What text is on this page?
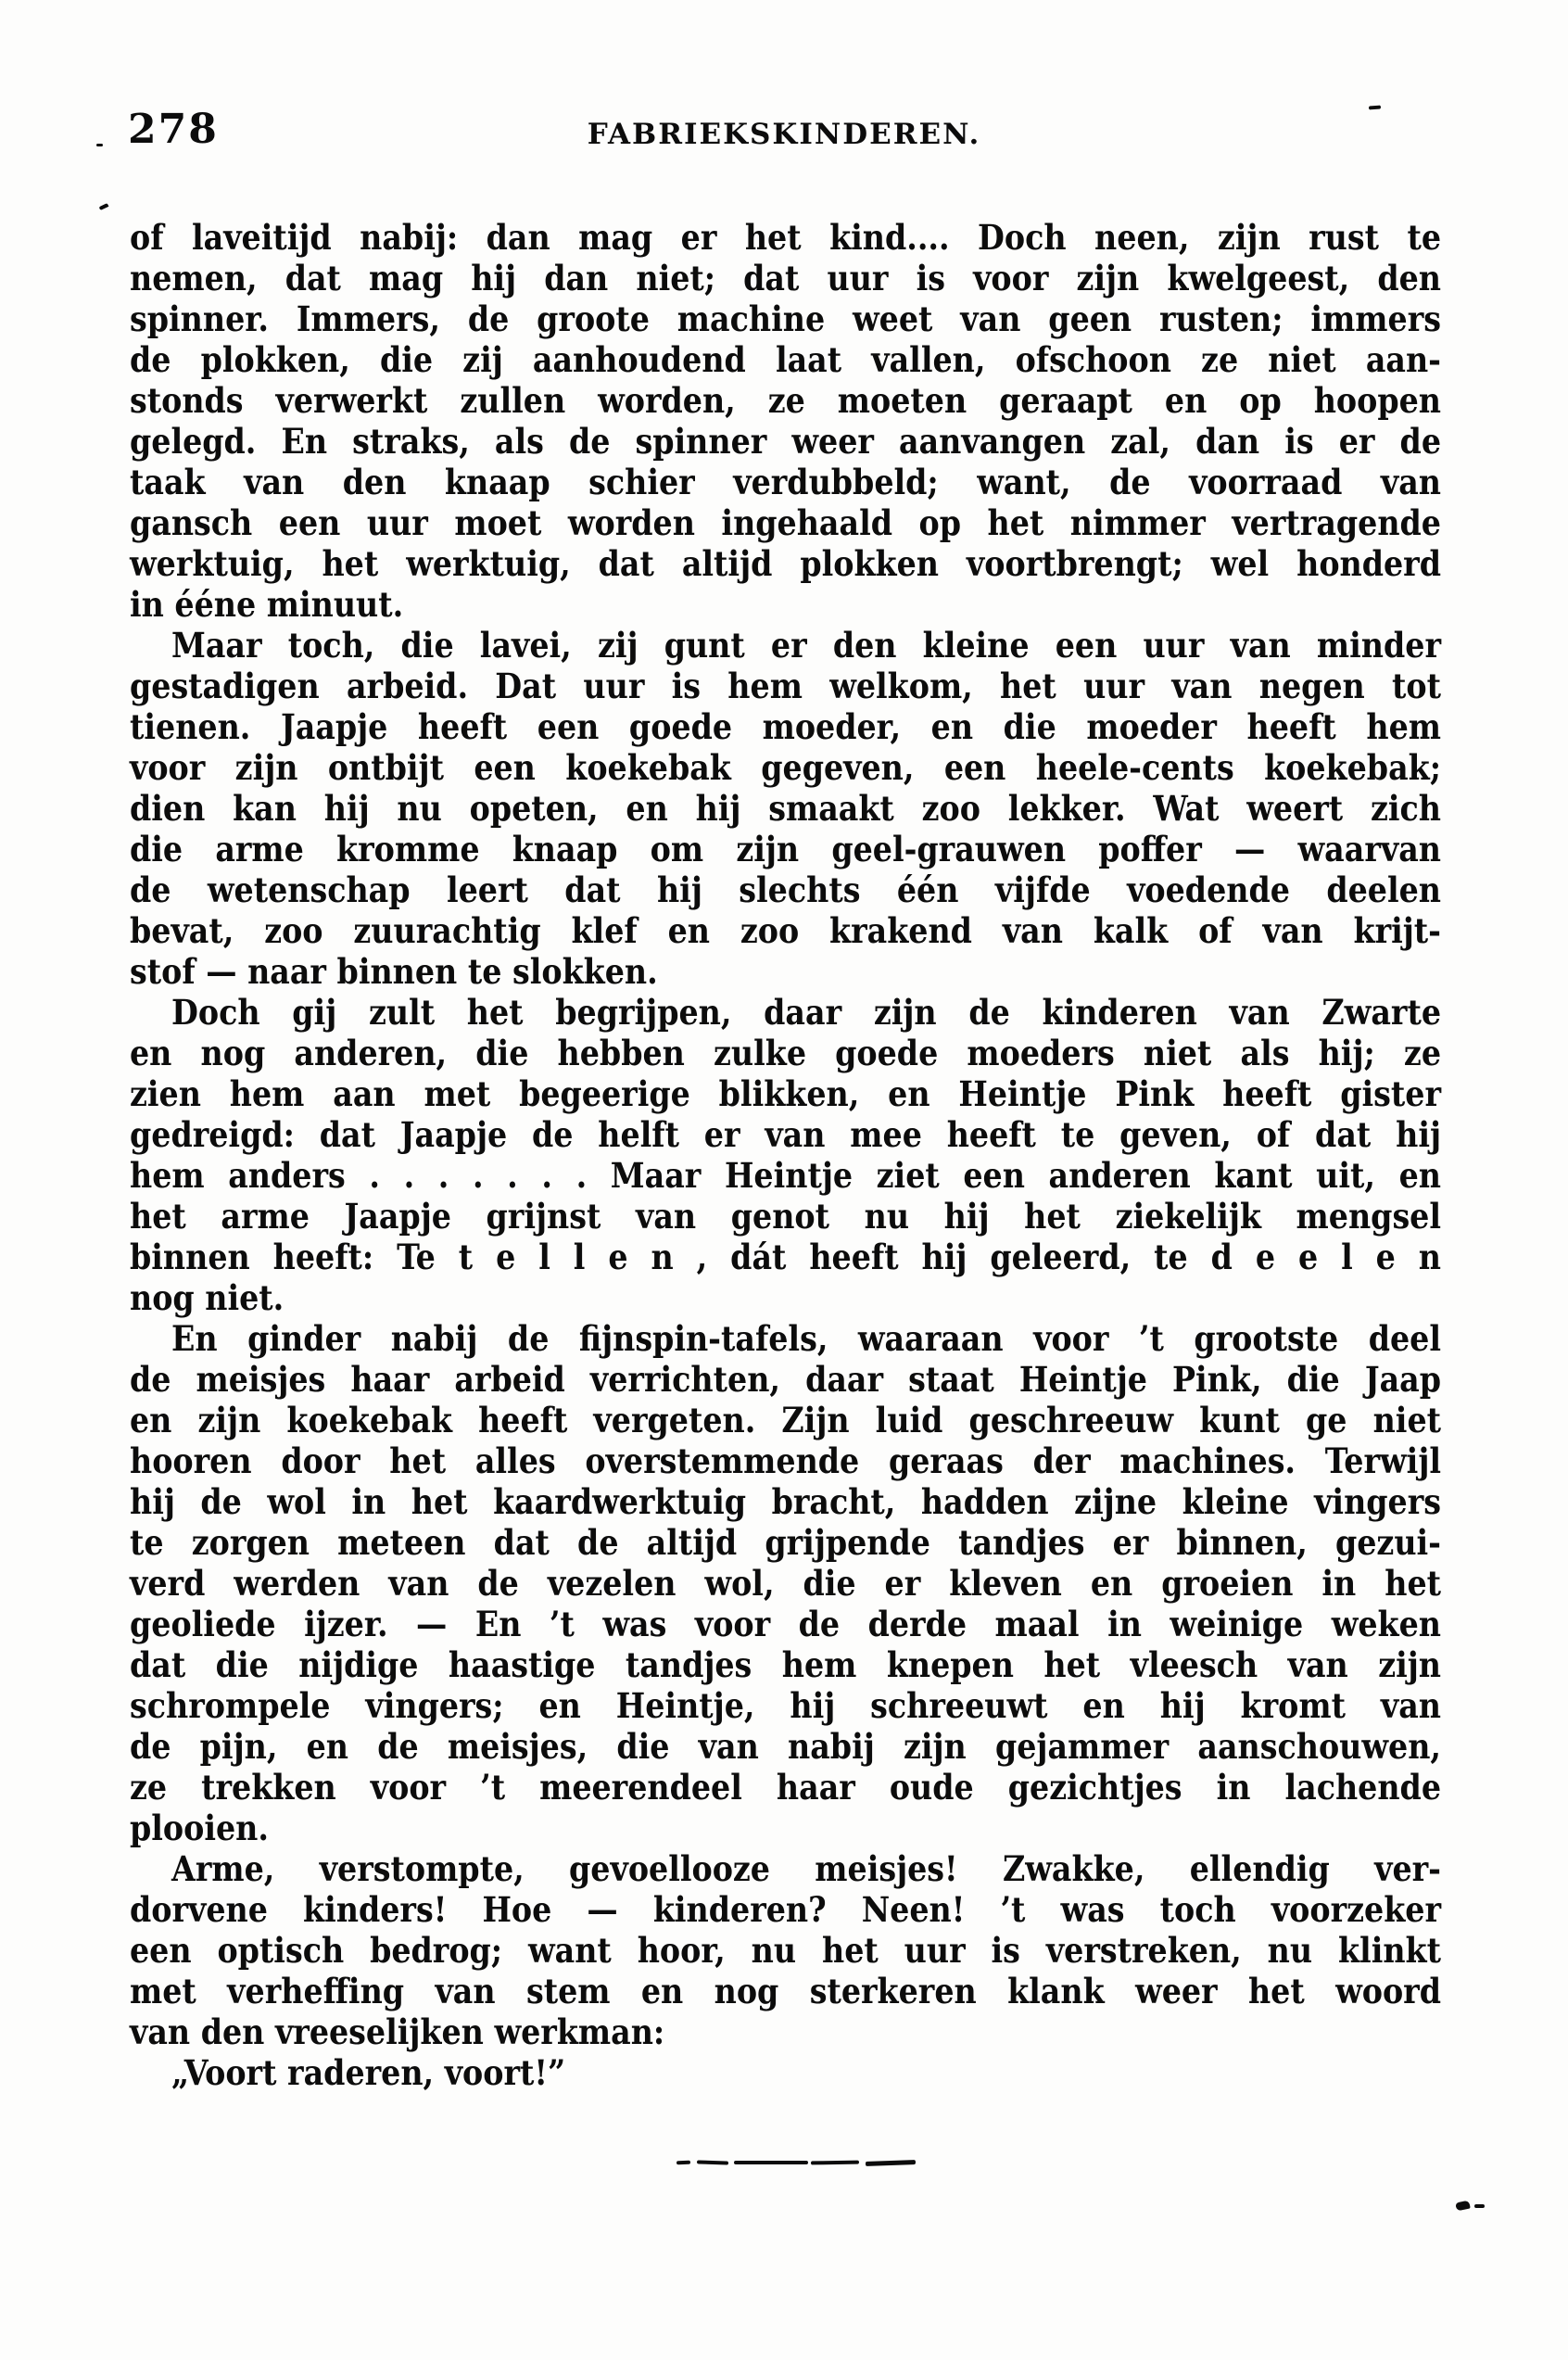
278	FABRIEKSKINDEREN.
of laveitijd nabij: dan mag er het kind.... Doch neen, zijn rust te
nemen, dat mag hij dan niet; dat uur is voor zijn kwelgeest, den
spinner. Immers, de groote machine weet van geen rusten; immers
de plokken, die zij aanhoudend laat vallen, ofschoon ze niet aan-
stonds verwerkt zullen worden, ze moeten geraapt en op hoopen
gelegd. En straks, als de spinner weer aanvangen zal, dan is er de
taak van den knaap schier verdubbeld; want, de voorraad van
gansch een uur moet worden ingehaald op het nimmer vertragende
werktuig, het werktuig, dat altijd plokken voortbrengt; wel honderd
in ééne minuut.
Maar toch, die lavei, zij gunt er den kleine een uur van minder
gestadigen arbeid. Dat uur is hem welkom, het uur van negen tot
tienen. Jaapje heeft een goede moeder, en die moeder heeft hem
voor zijn ontbijt een koekebak gegeven, een heele-cents koekebak;
dien kan hij nu opeten, en hij smaakt zoo lekker. Wat weert zich
die arme kromme knaap om zijn geel-grauwen poffer — waarvan
de wetenschap leert dat hij slechts één vijfde voedende deelen
bevat, zoo zuurachtig klef en zoo krakend van kalk of van krijt-
stof — naar binnen te slokken.
Doch gij zult het begrijpen, daar zijn de kinderen van Zwarte
en nog anderen, die hebben zulke goede moeders niet als hij; ze
zien hem aan met begeerige blikken, en Heintje Pink heeft gister
gedreigd: dat Jaapje de helft er van mee heeft te geven, of dat hij
hem anders . . . . . . . Maar Heintje ziet een anderen kant uit, en
het arme Jaapje grijnst van genot nu hij het ziekelijk mengsel
binnen heeft: Te t e l l e n , dát heeft hij geleerd, te d e e l e n
nog niet.
En ginder nabij de fijnspin-tafels, waaraan voor ’t grootste deel
de meisjes haar arbeid verrichten, daar staat Heintje Pink, die Jaap
en zijn koekebak heeft vergeten. Zijn luid geschreeuw kunt ge niet
hooren door het alles overstemmende geraas der machines. Terwijl
hij de wol in het kaardwerktuig bracht, hadden zijne kleine vingers
te zorgen meteen dat de altijd grijpende tandjes er binnen, gezui-
verd werden van de vezelen wol, die er kleven en groeien in het
geoliede ijzer. — En ’t was voor de derde maal in weinige weken
dat die nijdige haastige tandjes hem knepen het vleesch van zijn
schrompele vingers; en Heintje, hij schreeuwt en hij kromt van
de pijn, en de meisjes, die van nabij zijn gejammer aanschouwen,
ze trekken voor ’t meerendeel haar oude gezichtjes in lachende
plooien.
Arme, verstompte, gevoellooze meisjes! Zwakke, ellendig ver-
dorvene kinders! Hoe — kinderen? Neen! ’t was toch voorzeker
een optisch bedrog; want hoor, nu het uur is verstreken, nu klinkt
met verheffing van stem en nog sterkeren klank weer het woord
van den vreeselijken werkman:
„Voort raderen, voort!”
